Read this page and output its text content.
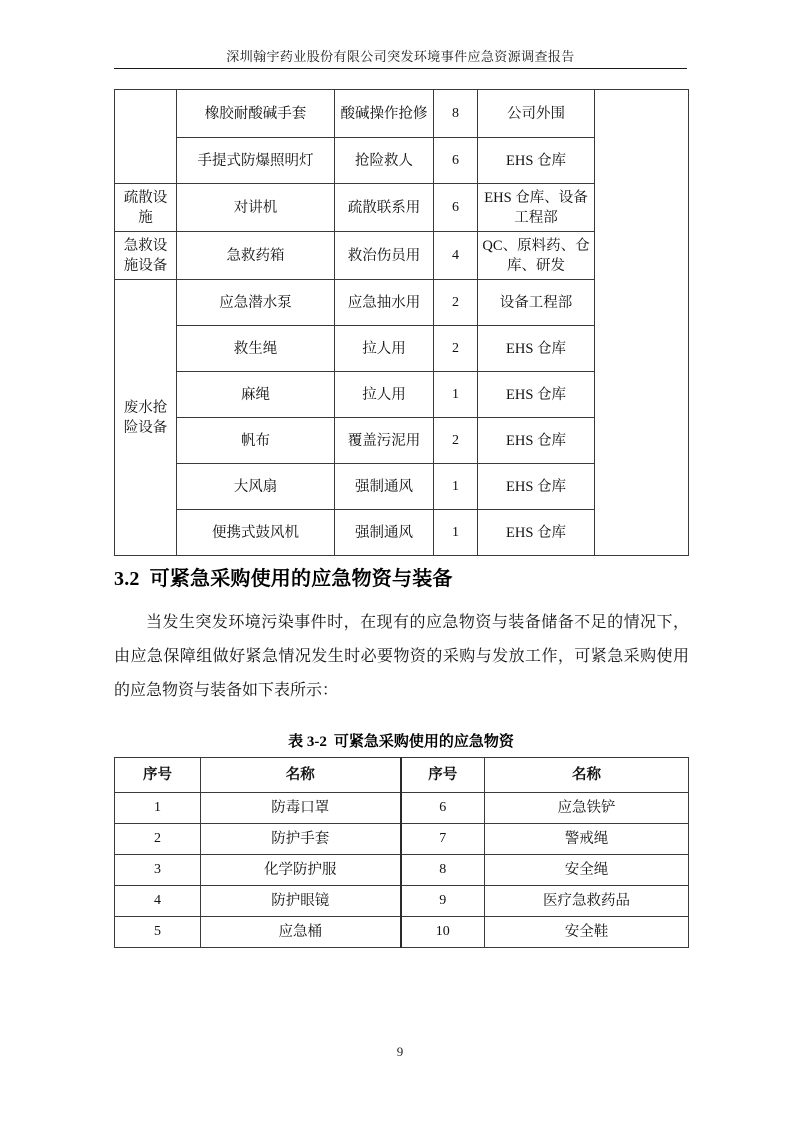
深圳翰宇药业股份有限公司突发环境事件应急资源调查报告
	橡胶耐酸碱手套	酸碱操作抢修	8	公司外围	
	手提式防爆照明灯	抢险救人	6	EHS 仓库	
疏散设施	对讲机	疏散联系用	6	EHS 仓库、设备工程部	
急救设施设备	急救药箱	救治伤员用	4	QC、原料药、仓库、研发	
废水抢险设备	应急潜水泵	应急抽水用	2	设备工程部	
	救生绳	拉人用	2	EHS 仓库	
	麻绳	拉人用	1	EHS 仓库	
	帆布	覆盖污泥用	2	EHS 仓库	
	大风扇	强制通风	1	EHS 仓库	
	便携式鼓风机	强制通风	1	EHS 仓库	
3.2 可紧急采购使用的应急物资与装备
当发生突发环境污染事件时，在现有的应急物资与装备储备不足的情况下，由应急保障组做好紧急情况发生时必要物资的采购与发放工作，可紧急采购使用的应急物资与装备如下表所示：
表 3-2 可紧急采购使用的应急物资
序号	名称	序号	名称
1	防毒口罩	6	应急铁铲
2	防护手套	7	警戒绳
3	化学防护服	8	安全绳
4	防护眼镜	9	医疗急救药品
5	应急桶	10	安全鞋
9
